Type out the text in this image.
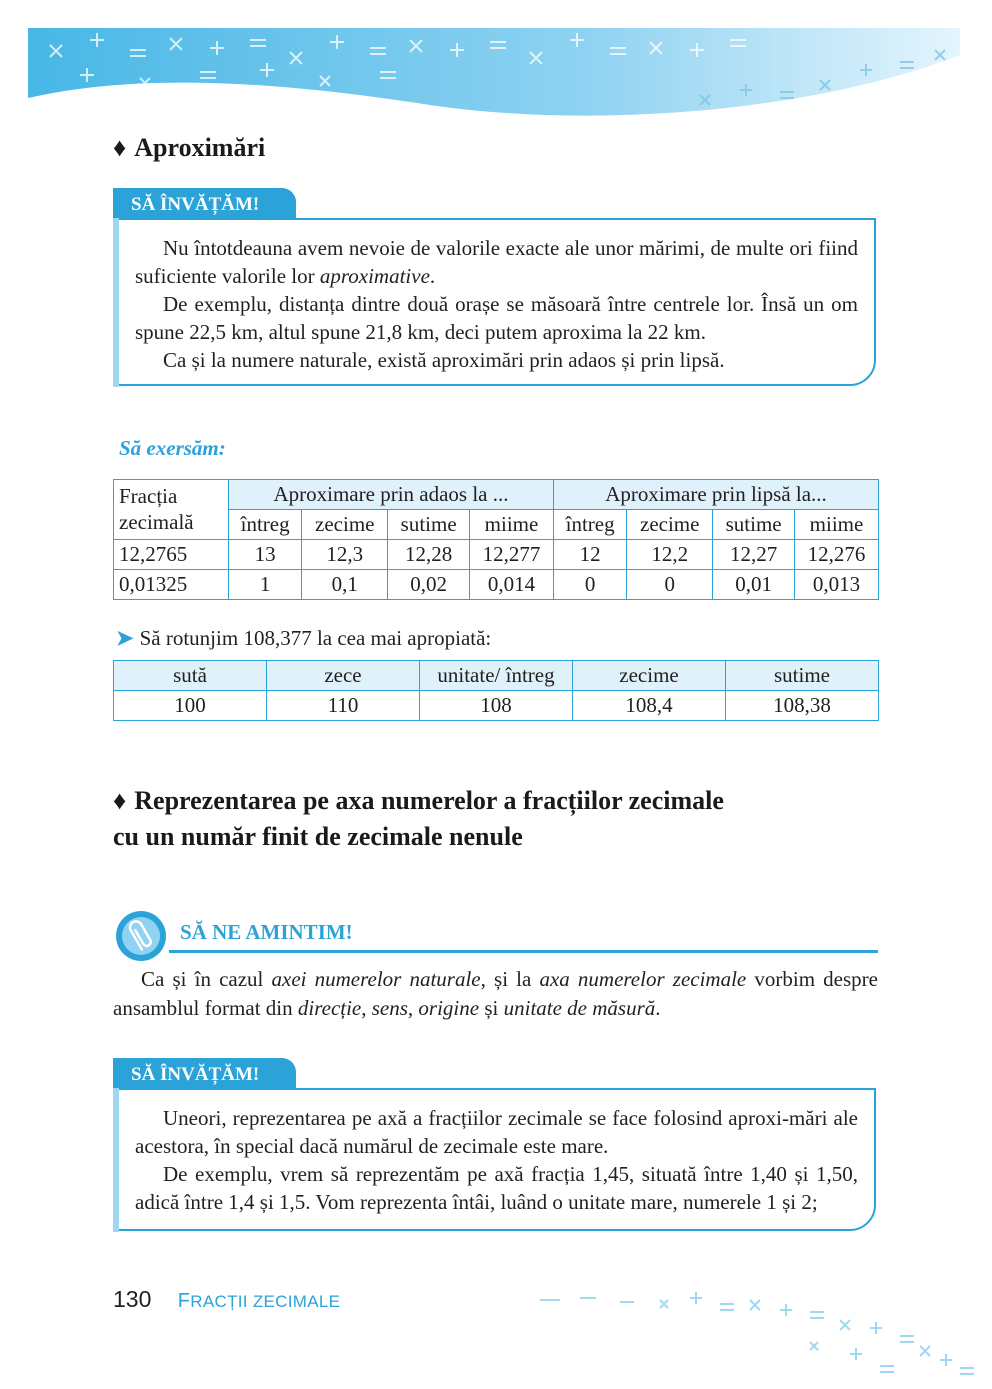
♦ Aproximări
SĂ ÎNVĂȚĂM!

Nu întotdeauna avem nevoie de valorile exacte ale unor mărimi, de multe ori fiind suficiente valorile lor aproximative.

De exemplu, distanța dintre două orașe se măsoară între centrele lor. Însă un om spune 22,5 km, altul spune 21,8 km, deci putem aproxima la 22 km.

Ca și la numere naturale, există aproximări prin adaos și prin lipsă.

Să exersăm:
Fracția
zecimală	Aproximare prin adaos la ...				Aproximare prin lipsă la...			
	întreg	zecime	sutime	miime	întreg	zecime	sutime	miime
12,2765	13	12,3	12,28	12,277	12	12,2	12,27	12,276
0,01325	1	0,1	0,02	0,014	0	0	0,01	0,013
➤ Să rotunjim 108,377 la cea mai apropiată:
sută	zece	unitate/ întreg	zecime	sutime
100	110	108	108,4	108,38
♦ Reprezentarea pe axa numerelor a fracțiilor zecimale
cu un număr finit de zecimale nenule
SĂ NE AMINTIM!

Ca și în cazul axei numerelor naturale, și la axa numerelor zecimale vorbim despre ansamblul format din direcție, sens, origine și unitate de măsură.

SĂ ÎNVĂȚĂM!

Uneori, reprezentarea pe axă a fracțiilor zecimale se face folosind aproxi-mări ale acestora, în special dacă numărul de zecimale este mare.

De exemplu, vrem să reprezentăm pe axă fracția 1,45, situată între 1,40 și 1,50, adică între 1,4 și 1,5. Vom reprezenta întâi, luând o unitate mare, numerele 1 și 2;

130 FRACȚII ZECIMALE
